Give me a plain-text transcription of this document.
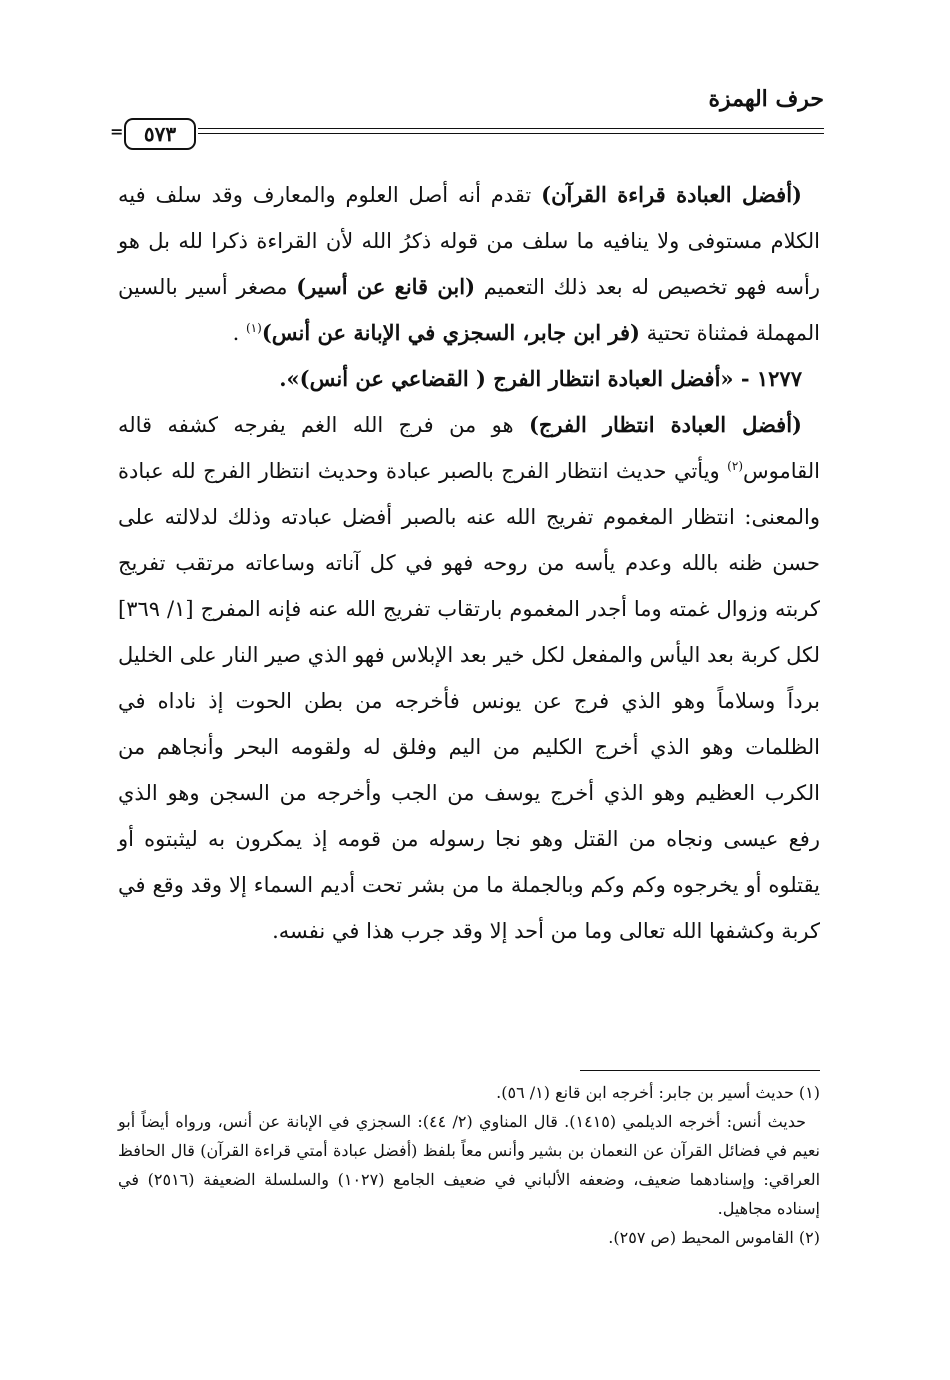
حرف الهمزة
=	٥٧٣

(أفضل العبادة قراءة القرآن) تقدم أنه أصل العلوم والمعارف وقد سلف فيه الكلام مستوفى ولا ينافيه ما سلف من قوله ذكرُ الله لأن القراءة ذكرا لله بل هو رأسه فهو تخصيص له بعد ذلك التعميم (ابن قانع عن أسير) مصغر أسير بالسين المهملة فمثناة تحتية (فر ابن جابر، السجزي في الإبانة عن أنس)$^{(١)}$ .

١٢٧٧ - «أفضل العبادة انتظار الفرج ( القضاعي عن أنس)».

(أفضل العبادة انتظار الفرج) هو من فرج الله الغم يفرجه كشفه قاله القاموس$^{(٢)}$ ويأتي حديث انتظار الفرج بالصبر عبادة وحديث انتظار الفرج لله عبادة والمعنى: انتظار المغموم تفريج الله عنه بالصبر أفضل عبادته وذلك لدلالته على حسن ظنه بالله وعدم يأسه من روحه فهو في كل آناته وساعاته مرتقب تفريج كربته وزوال غمته وما أجدر المغموم بارتقاب تفريج الله عنه فإنه المفرج [١/ ٣٦٩] لكل كربة بعد اليأس والمفعل لكل خير بعد الإبلاس فهو الذي صير النار على الخليل برداً وسلاماً وهو الذي فرج عن يونس فأخرجه من بطن الحوت إذ ناداه في الظلمات وهو الذي أخرج الكليم من اليم وفلق له ولقومه البحر وأنجاهم من الكرب العظيم وهو الذي أخرج يوسف من الجب وأخرجه من السجن وهو الذي رفع عيسى ونجاه من القتل وهو نجا رسوله من قومه إذ يمكرون به ليثبتوه أو يقتلوه أو يخرجوه وكم وكم وبالجملة ما من بشر تحت أديم السماء إلا وقد وقع في كربة وكشفها الله تعالى وما من أحد إلا وقد جرب هذا في نفسه.

(١) حديث أسير بن جابر: أخرجه ابن قانع (١/ ٥٦).

حديث أنس: أخرجه الديلمي (١٤١٥). قال المناوي (٢/ ٤٤): السجزي في الإبانة عن أنس، ورواه أيضاً أبو نعيم في فضائل القرآن عن النعمان بن بشير وأنس معاً بلفظ (أفضل عبادة أمتي قراءة القرآن) قال الحافظ العراقي: وإسنادهما ضعيف، وضعفه الألباني في ضعيف الجامع (١٠٢٧) والسلسلة الضعيفة (٢٥١٦) في إسناده مجاهيل.

(٢) القاموس المحيط (ص ٢٥٧).
